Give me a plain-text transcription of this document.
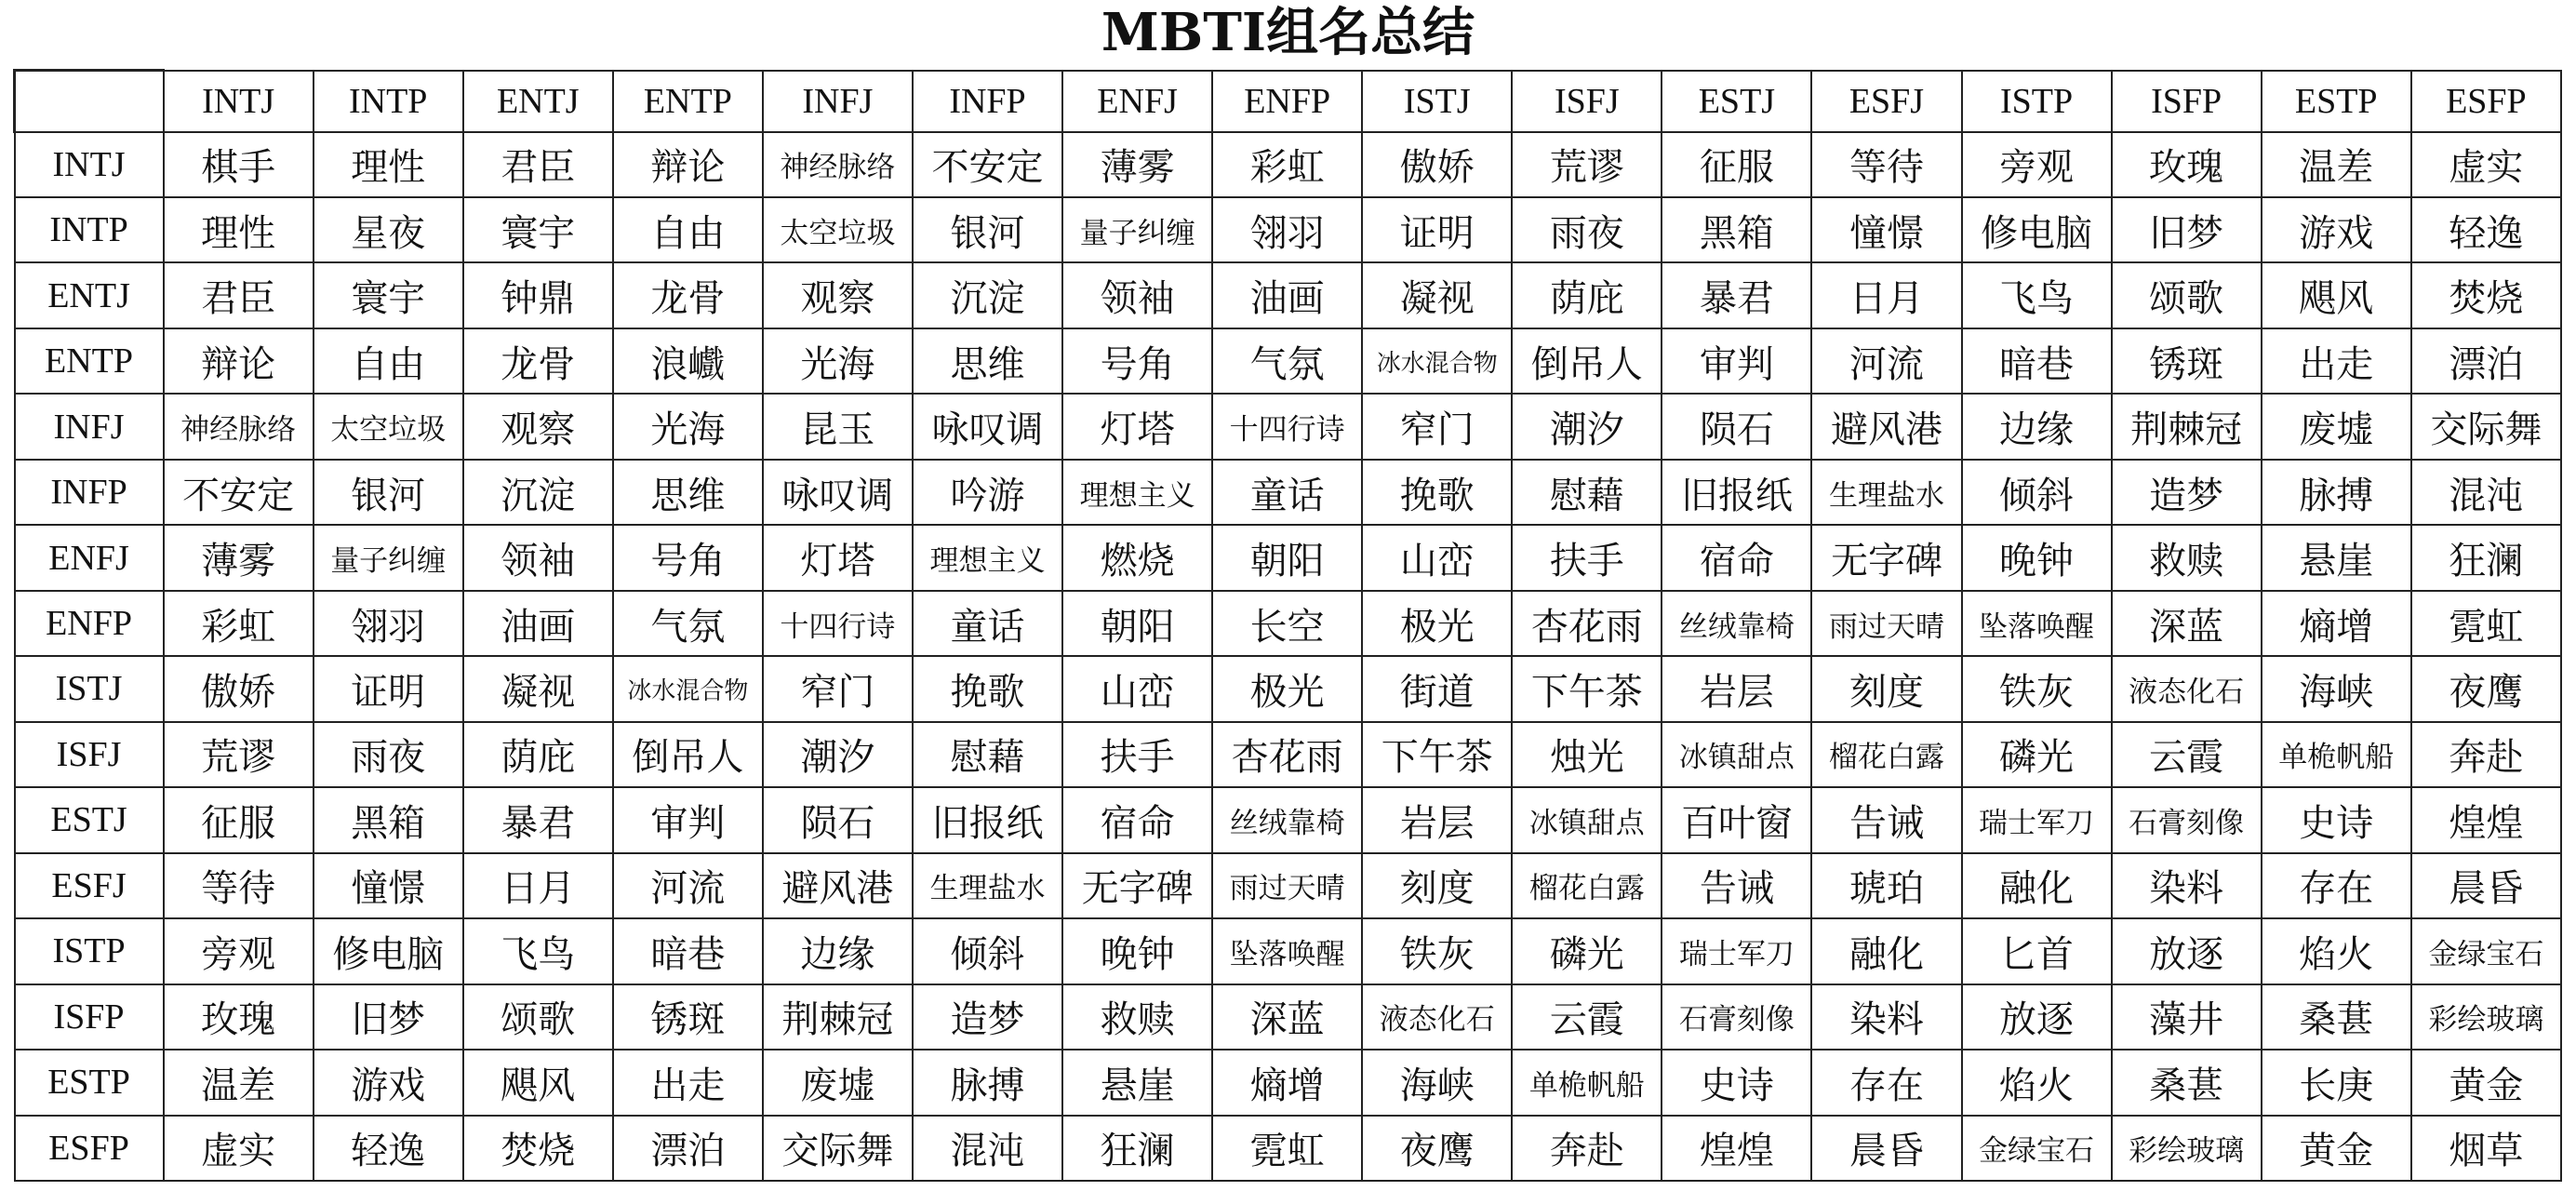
MBTI组名总结
	INTJ	INTP	ENTJ	ENTP	INFJ	INFP	ENFJ	ENFP	ISTJ	ISFJ	ESTJ	ESFJ	ISTP	ISFP	ESTP	ESFP
INTJ	棋手	理性	君臣	辩论	神经脉络	不安定	薄雾	彩虹	傲娇	荒谬	征服	等待	旁观	玫瑰	温差	虚实
INTP	理性	星夜	寰宇	自由	太空垃圾	银河	量子纠缠	翎羽	证明	雨夜	黑箱	憧憬	修电脑	旧梦	游戏	轻逸
ENTJ	君臣	寰宇	钟鼎	龙骨	观察	沉淀	领袖	油画	凝视	荫庇	暴君	日月	飞鸟	颂歌	飓风	焚烧
ENTP	辩论	自由	龙骨	浪巇	光海	思维	号角	气氛	冰水混合物	倒吊人	审判	河流	暗巷	锈斑	出走	漂泊
INFJ	神经脉络	太空垃圾	观察	光海	昆玉	咏叹调	灯塔	十四行诗	窄门	潮汐	陨石	避风港	边缘	荆棘冠	废墟	交际舞
INFP	不安定	银河	沉淀	思维	咏叹调	吟游	理想主义	童话	挽歌	慰藉	旧报纸	生理盐水	倾斜	造梦	脉搏	混沌
ENFJ	薄雾	量子纠缠	领袖	号角	灯塔	理想主义	燃烧	朝阳	山峦	扶手	宿命	无字碑	晚钟	救赎	悬崖	狂澜
ENFP	彩虹	翎羽	油画	气氛	十四行诗	童话	朝阳	长空	极光	杏花雨	丝绒靠椅	雨过天晴	坠落唤醒	深蓝	熵增	霓虹
ISTJ	傲娇	证明	凝视	冰水混合物	窄门	挽歌	山峦	极光	街道	下午茶	岩层	刻度	铁灰	液态化石	海峡	夜鹰
ISFJ	荒谬	雨夜	荫庇	倒吊人	潮汐	慰藉	扶手	杏花雨	下午茶	烛光	冰镇甜点	榴花白露	磷光	云霞	单桅帆船	奔赴
ESTJ	征服	黑箱	暴君	审判	陨石	旧报纸	宿命	丝绒靠椅	岩层	冰镇甜点	百叶窗	告诫	瑞士军刀	石膏刻像	史诗	煌煌
ESFJ	等待	憧憬	日月	河流	避风港	生理盐水	无字碑	雨过天晴	刻度	榴花白露	告诫	琥珀	融化	染料	存在	晨昏
ISTP	旁观	修电脑	飞鸟	暗巷	边缘	倾斜	晚钟	坠落唤醒	铁灰	磷光	瑞士军刀	融化	匕首	放逐	焰火	金绿宝石
ISFP	玫瑰	旧梦	颂歌	锈斑	荆棘冠	造梦	救赎	深蓝	液态化石	云霞	石膏刻像	染料	放逐	藻井	桑葚	彩绘玻璃
ESTP	温差	游戏	飓风	出走	废墟	脉搏	悬崖	熵增	海峡	单桅帆船	史诗	存在	焰火	桑葚	长庚	黄金
ESFP	虚实	轻逸	焚烧	漂泊	交际舞	混沌	狂澜	霓虹	夜鹰	奔赴	煌煌	晨昏	金绿宝石	彩绘玻璃	黄金	烟草
